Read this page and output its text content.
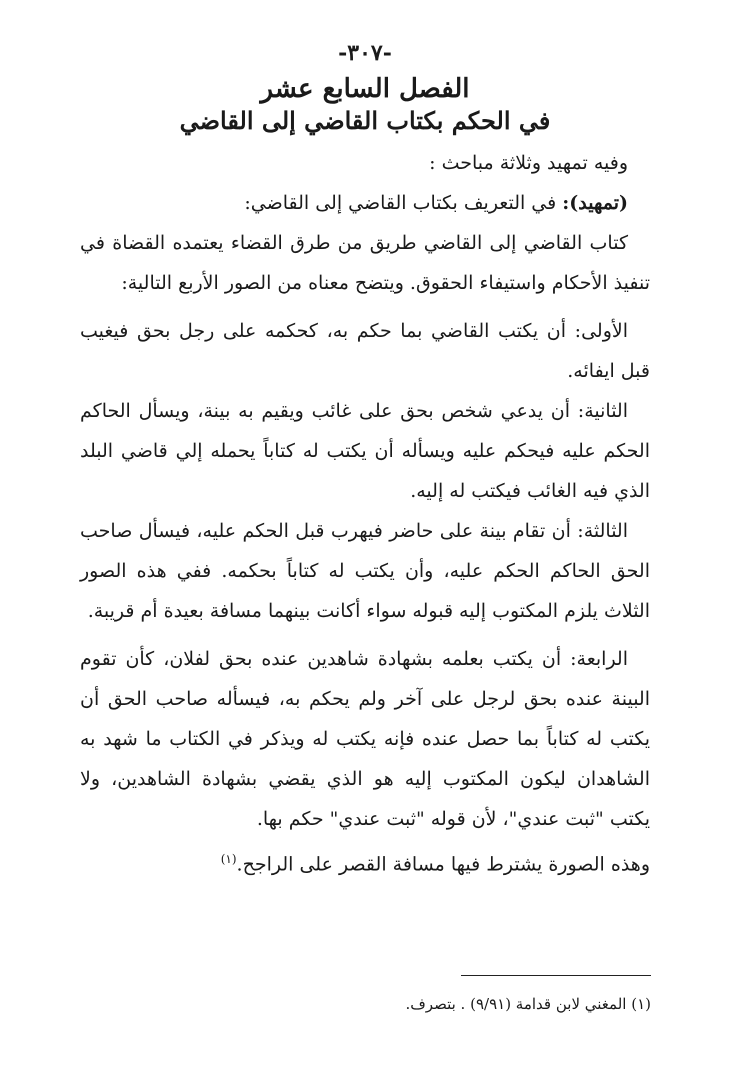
-٣٠٧-
الفصل السابع عشر
في الحكم بكتاب القاضي إلى القاضي
وفيه تمهيد وثلاثة مباحث :
(تمهيد): في التعريف بكتاب القاضي إلى القاضي:
كتاب القاضي إلى القاضي طريق من طرق القضاء يعتمده القضاة في تنفيذ الأحكام واستيفاء الحقوق. ويتضح معناه من الصور الأربع التالية:
الأولى: أن يكتب القاضي بما حكم به، كحكمه على رجل بحق فيغيب قبل ايفائه.
الثانية: أن يدعي شخص بحق على غائب ويقيم به بينة، ويسأل الحاكم الحكم عليه فيحكم عليه ويسأله أن يكتب له كتاباً يحمله إلي قاضي البلد الذي فيه الغائب فيكتب له إليه.
الثالثة: أن تقام بينة على حاضر فيهرب قبل الحكم عليه، فيسأل صاحب الحق الحاكم الحكم عليه، وأن يكتب له كتاباً بحكمه. ففي هذه الصور الثلاث يلزم المكتوب إليه قبوله سواء أكانت بينهما مسافة بعيدة أم قريبة.
الرابعة: أن يكتب بعلمه بشهادة شاهدين عنده بحق لفلان، كأن تقوم البينة عنده بحق لرجل على آخر ولم يحكم به، فيسأله صاحب الحق أن يكتب له كتاباً بما حصل عنده فإنه يكتب له ويذكر في الكتاب ما شهد به الشاهدان ليكون المكتوب إليه هو الذي يقضي بشهادة الشاهدين، ولا يكتب "ثبت عندي"، لأن قوله "ثبت عندي" حكم بها.
وهذه الصورة يشترط فيها مسافة القصر على الراجح.$^{(١)}$
(١) المغني لابن قدامة (٩/٩١) . بتصرف.
